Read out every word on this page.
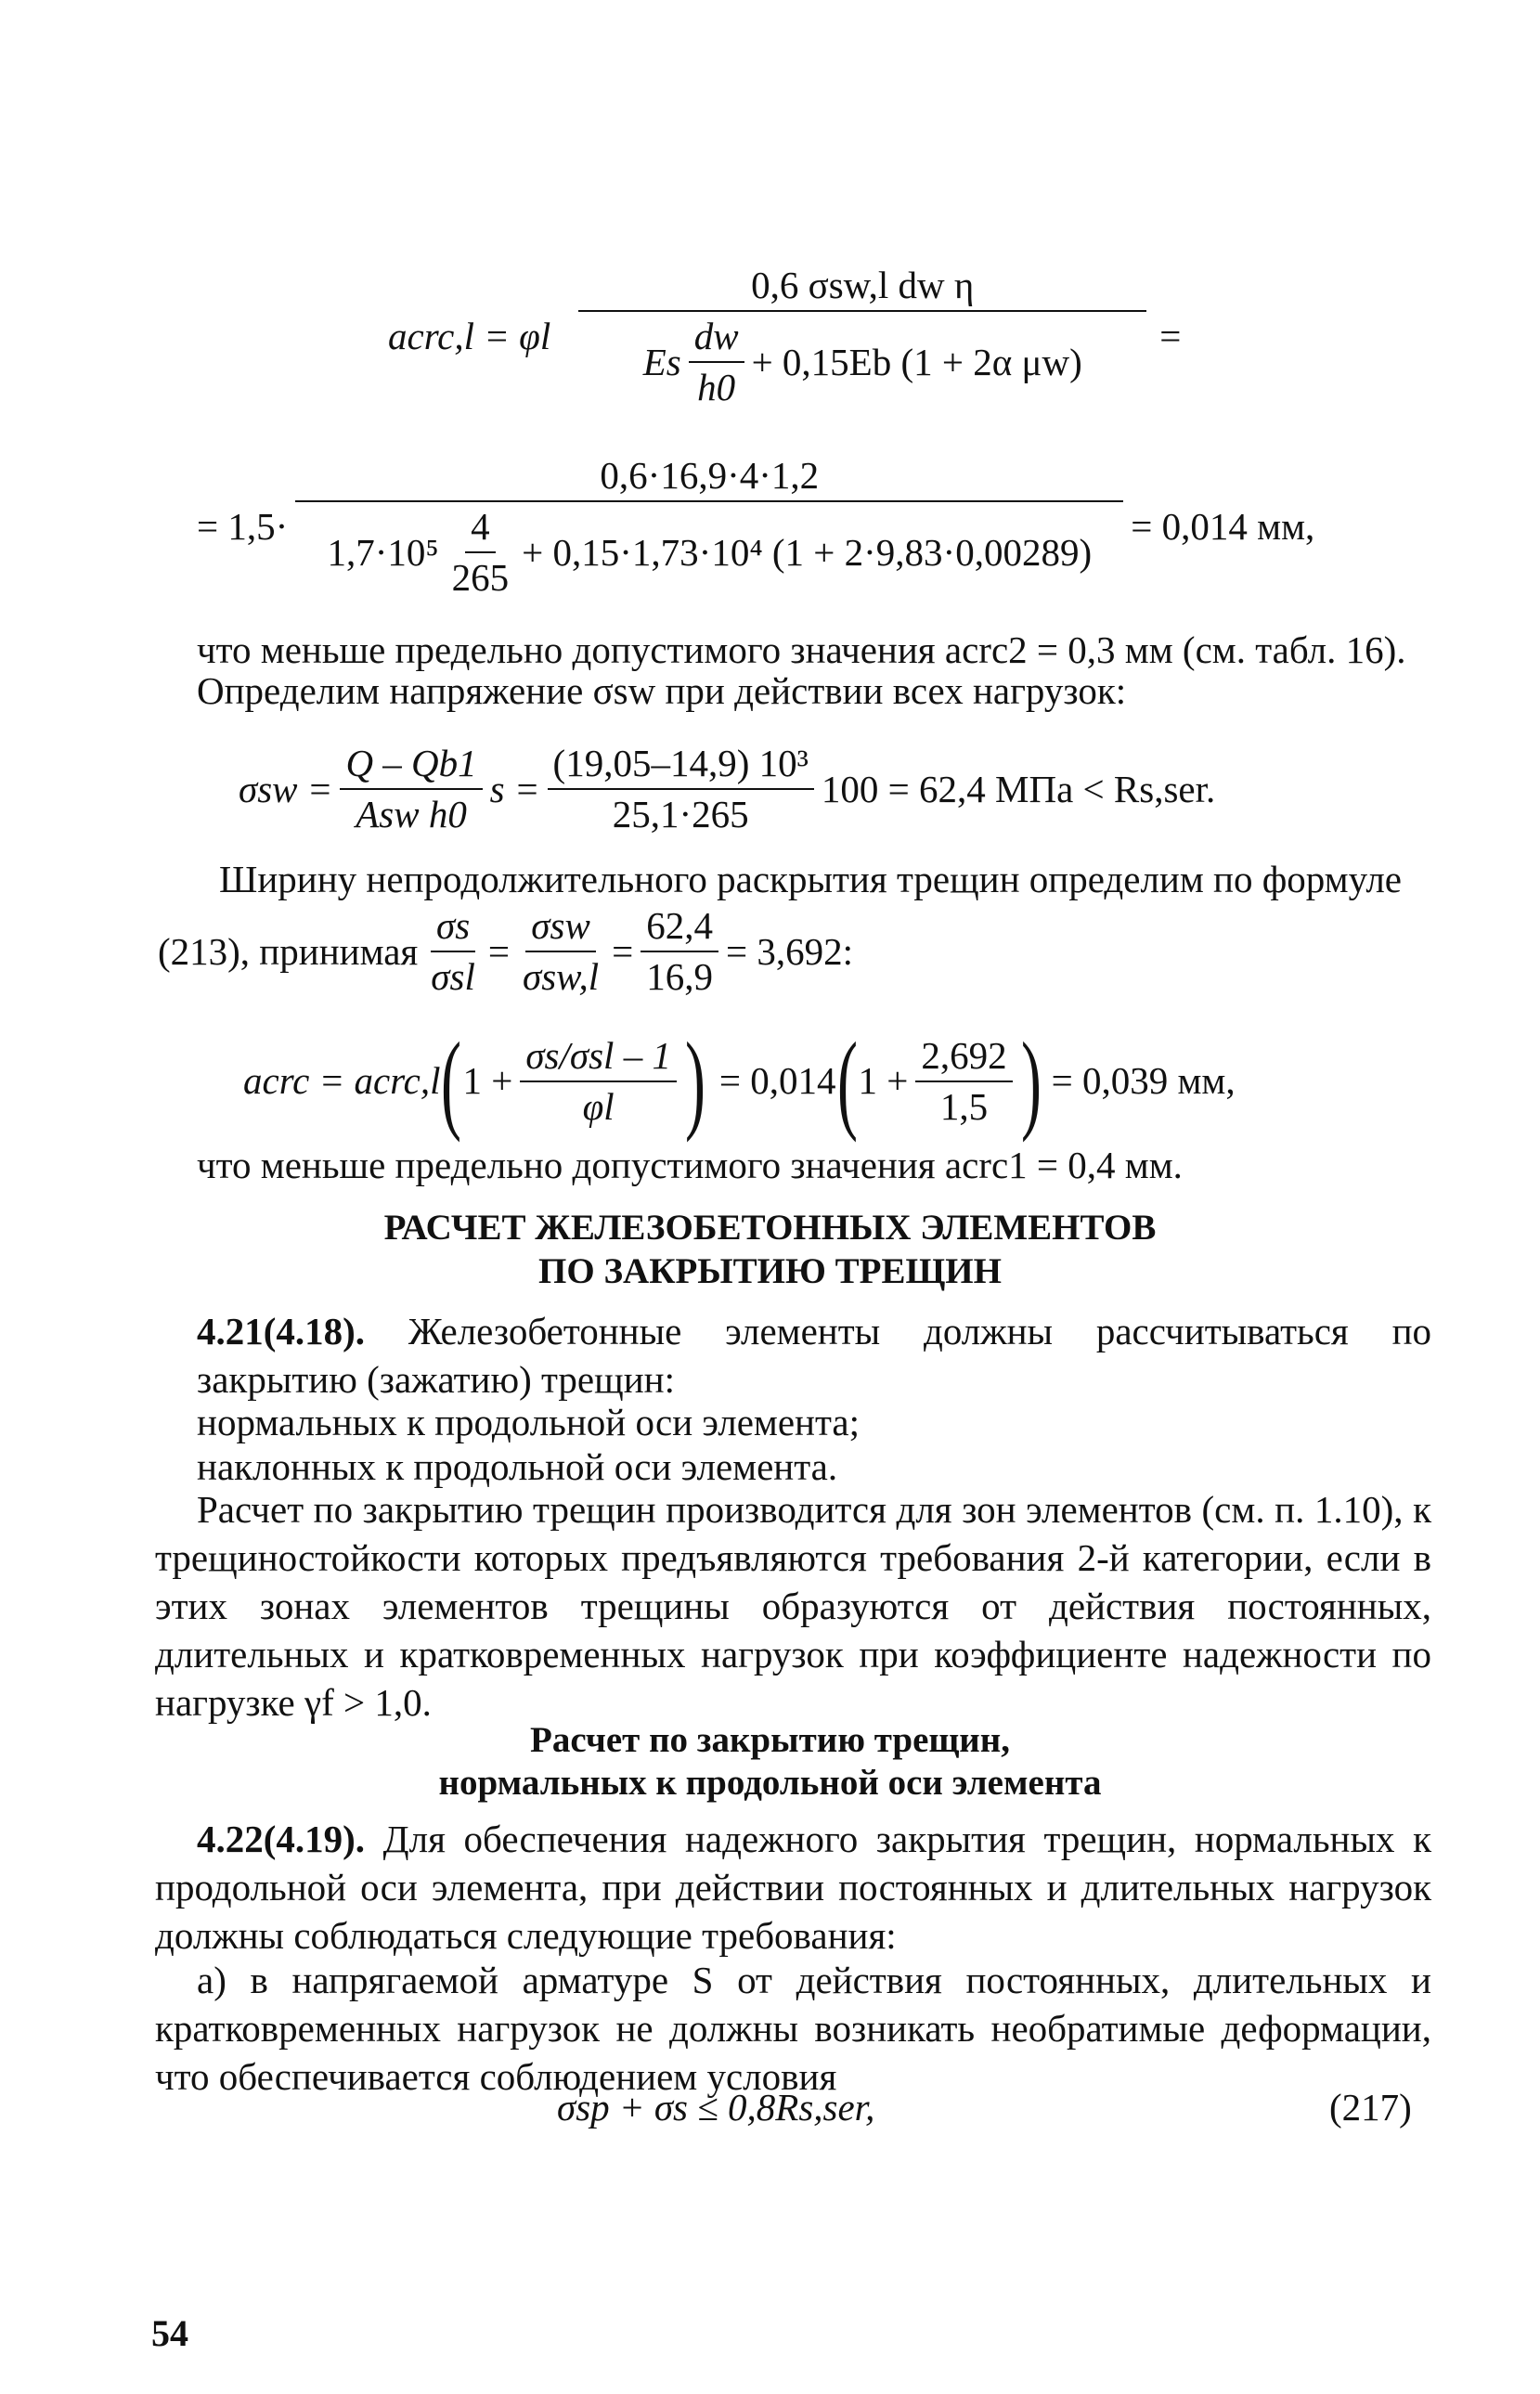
acrc,l = φl
0,6 σsw,l dw η
Es $\frac{dw}{h0} + 0,15Eb$ (1 + 2α μw)
=
= 1,5·
0,6·16,9·4·1,2
$1,7\cdot 10^5 \frac{4}{265} + 0,15\cdot 1,73\cdot 10^4$ (1 + 2·9,83·0,00289)
= 0,014 мм,
что меньше предельно допустимого значения acrc2 = 0,3 мм (см. табл. 16).
Определим напряжение σsw при действии всех нагрузок:
$\sigma sw = \frac{Q - Qb1}{\text{Asw h0}}$ $s = \frac{\text{(19,05–14,9) 10³}}{25,1\cdot 265} 100 = 62,4$ МПа < Rs,ser.
Ширину непродолжительного раскрытия трещин определим по формуле
(213), принимая $\frac{\sigma s}{\text{σsl}} = \frac{\text{σsw}}{\text{σsw,l}} = \frac{62,4}{16,9} = 3,692$:
acrc = acrc,l ( $1 + \frac{\text{σs/σsl – 1}}{\varphi l}$ ) = 0,014 ( $1 + \frac{2,692}{1,5}$ ) = 0,039 мм,
что меньше предельно допустимого значения acrc1 = 0,4 мм.
РАСЧЕТ ЖЕЛЕЗОБЕТОННЫХ ЭЛЕМЕНТОВ
ПО ЗАКРЫТИЮ ТРЕЩИН
4.21(4.18). Железобетонные элементы должны рассчитываться по закрытию (зажатию) трещин:
нормальных к продольной оси элемента;
наклонных к продольной оси элемента.
Расчет по закрытию трещин производится для зон элементов (см. п. 1.10), к трещиностойкости которых предъявляются требования 2-й категории, если в этих зонах элементов трещины образуются от действия постоянных, длительных и кратковременных нагрузок при коэффициенте надежности по нагрузке γf > 1,0.
Расчет по закрытию трещин,
нормальных к продольной оси элемента
4.22(4.19). Для обеспечения надежного закрытия трещин, нормальных к продольной оси элемента, при действии постоянных и длительных нагрузок должны соблюдаться следующие требования:
а) в напрягаемой арматуре S от действия постоянных, длительных и кратковременных нагрузок не должны возникать необратимые деформации, что обеспечивается соблюдением условия
σsp + σs ≤ 0,8Rs,ser,	(217)
54
